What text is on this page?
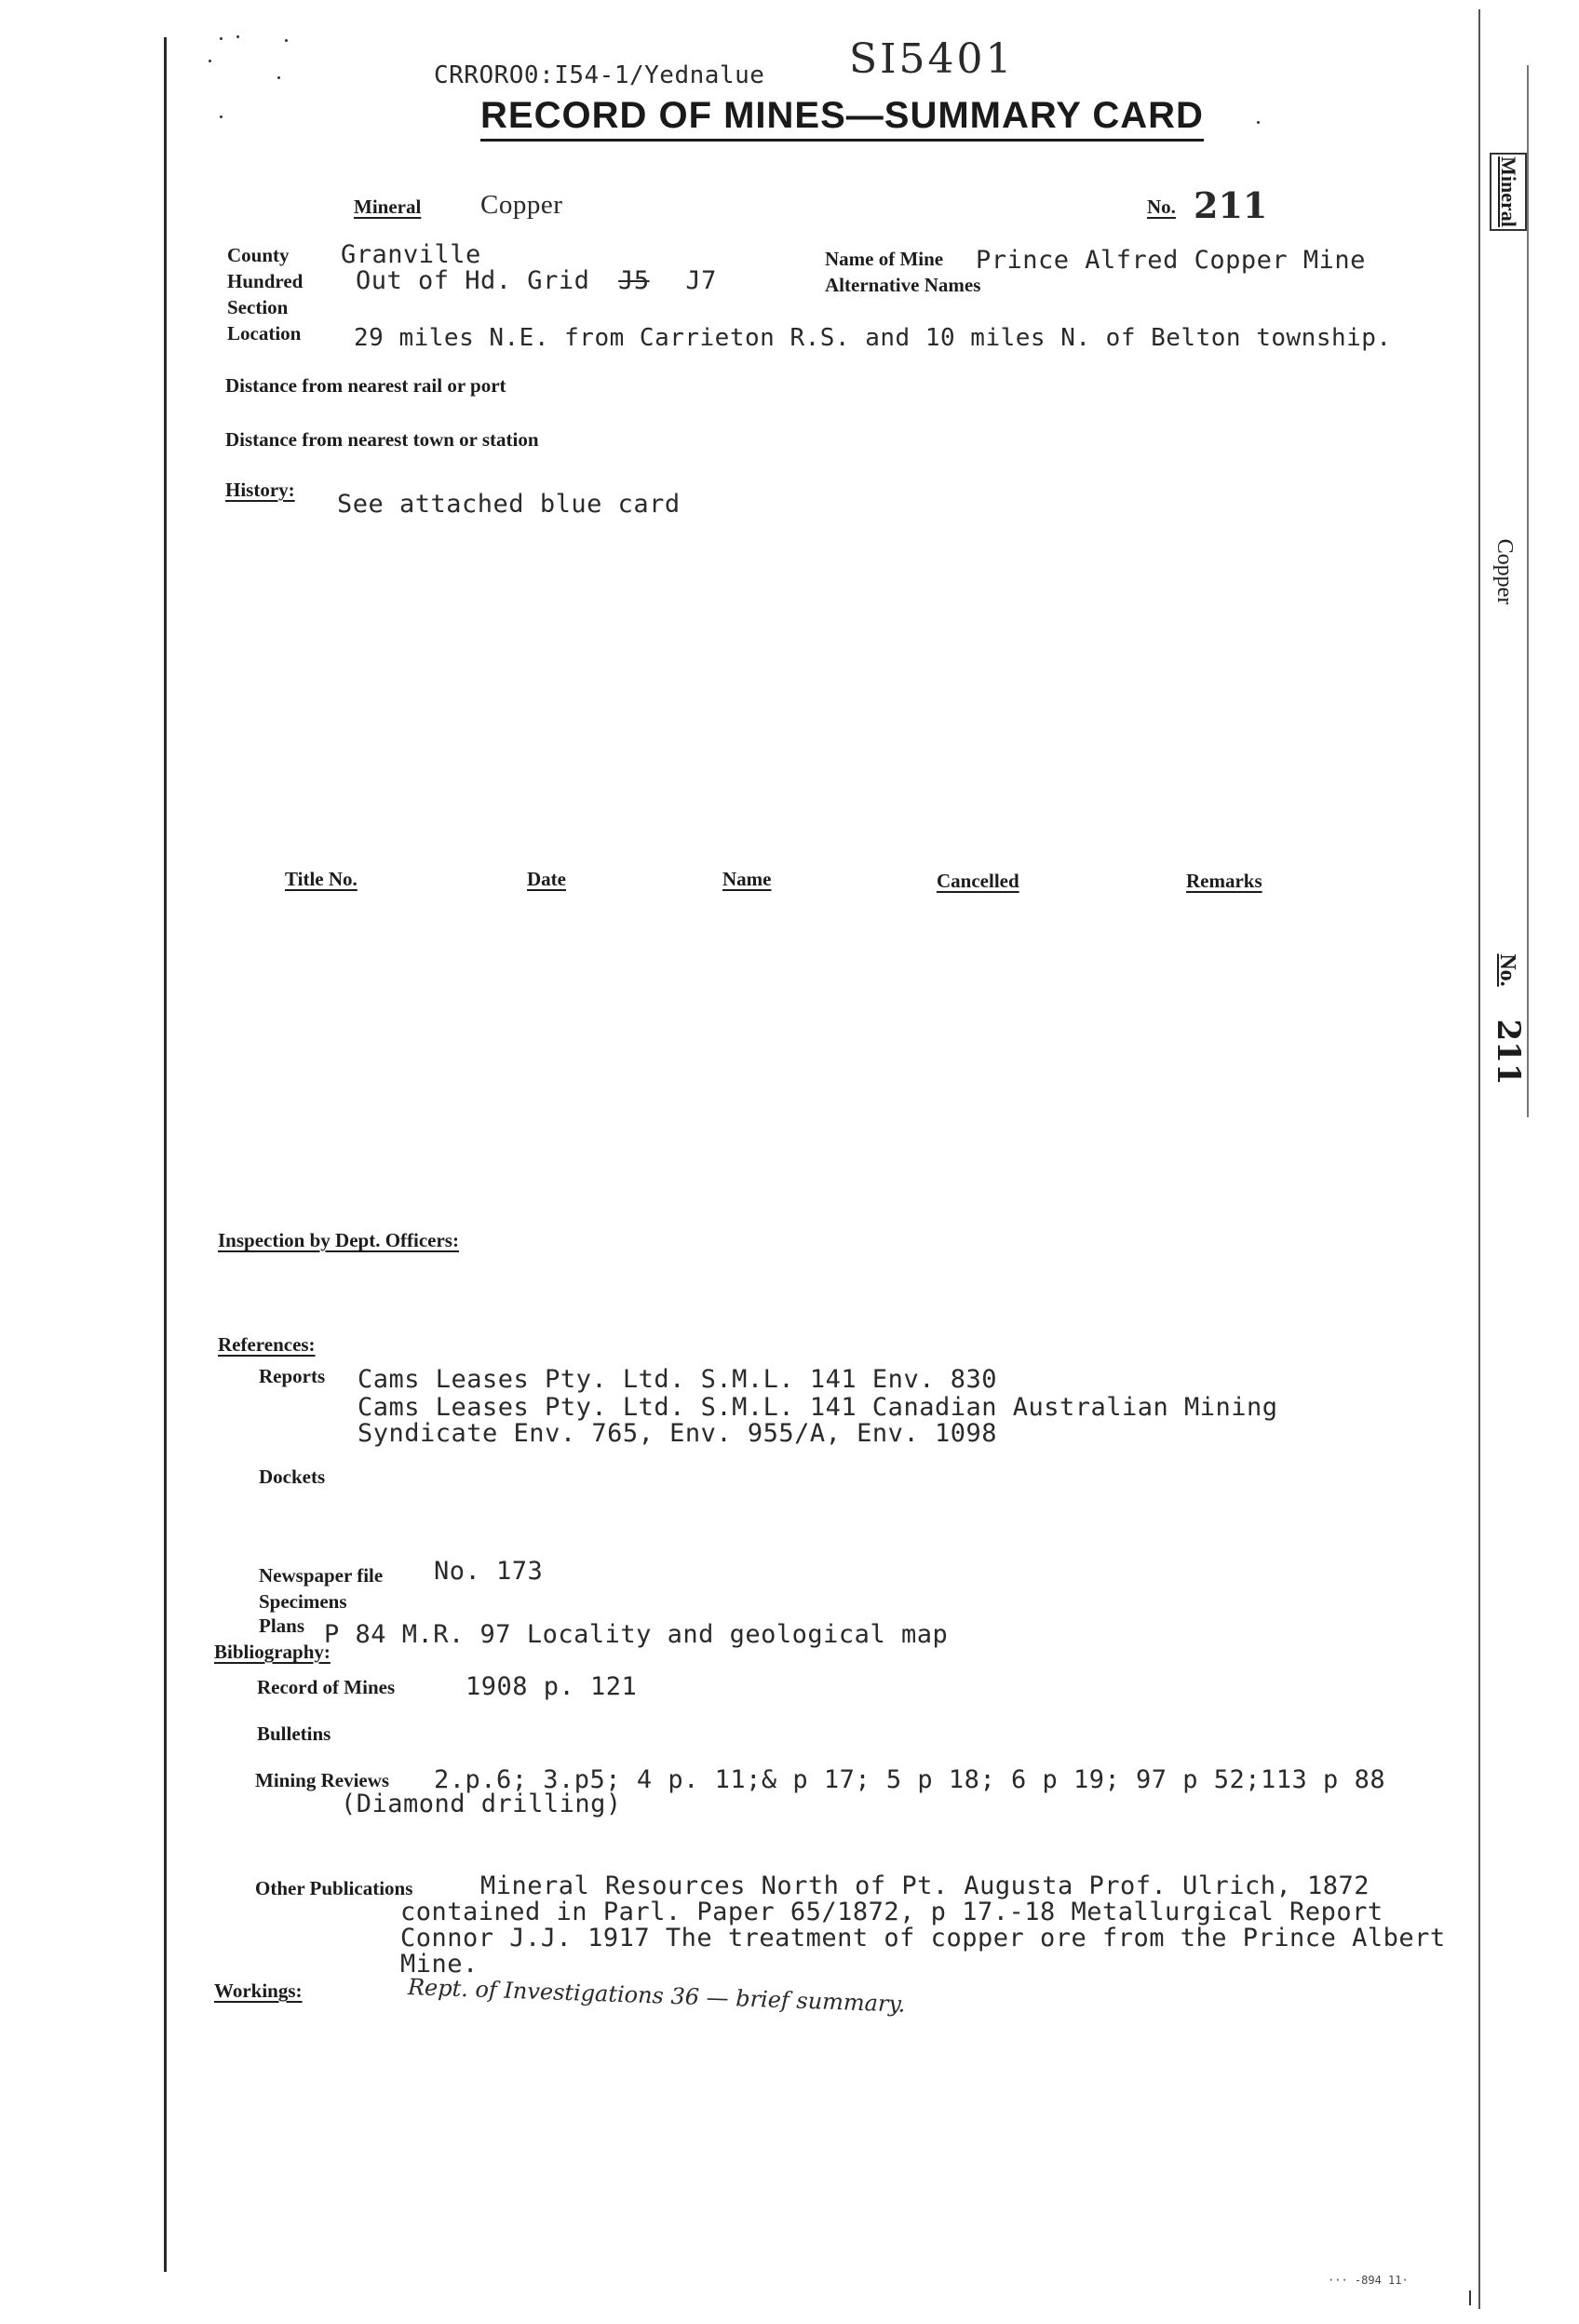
CRRORO0:I54-1/Yednalue SI5401
RECORD OF MINES—SUMMARY CARD
Mineral Copper	No. 211
County Granville
Hundred Out of Hd. Grid J5 J7
Section
Location 29 miles N.E. from Carrieton R.S. and 10 miles N. of Belton township.
Name of Mine Prince Alfred Copper Mine
Alternative Names
Distance from nearest rail or port
Distance from nearest town or station
History: See attached blue card
Title No.	Date	Name	Cancelled	Remarks
Inspection by Dept. Officers:
References:
Reports Cams Leases Pty. Ltd. S.M.L. 141 Env. 830
Cams Leases Pty. Ltd. S.M.L. 141 Canadian Australian Mining
Syndicate Env. 765, Env. 955/A, Env. 1098
Dockets
Newspaper file No. 173
Specimens
Plans P 84 M.R. 97 Locality and geological map
Bibliography:
Record of Mines	1908 p. 121
Bulletins
Mining Reviews 2.p.6; 3.p5; 4 p. 11;& p 17; 5 p 18; 6 p 19; 97 p 52;113 p 88
(Diamond drilling)
Other Publications	Mineral Resources North of Pt. Augusta Prof. Ulrich, 1872
contained in Parl. Paper 65/1872, p 17.-18 Metallurgical Report
Connor J.J. 1917 The treatment of copper ore from the Prince Albert
Mine.
Workings:	Rept. of Investigations 36 — brief summary.
Mineral
Copper
No.
211
··· -894 11·
